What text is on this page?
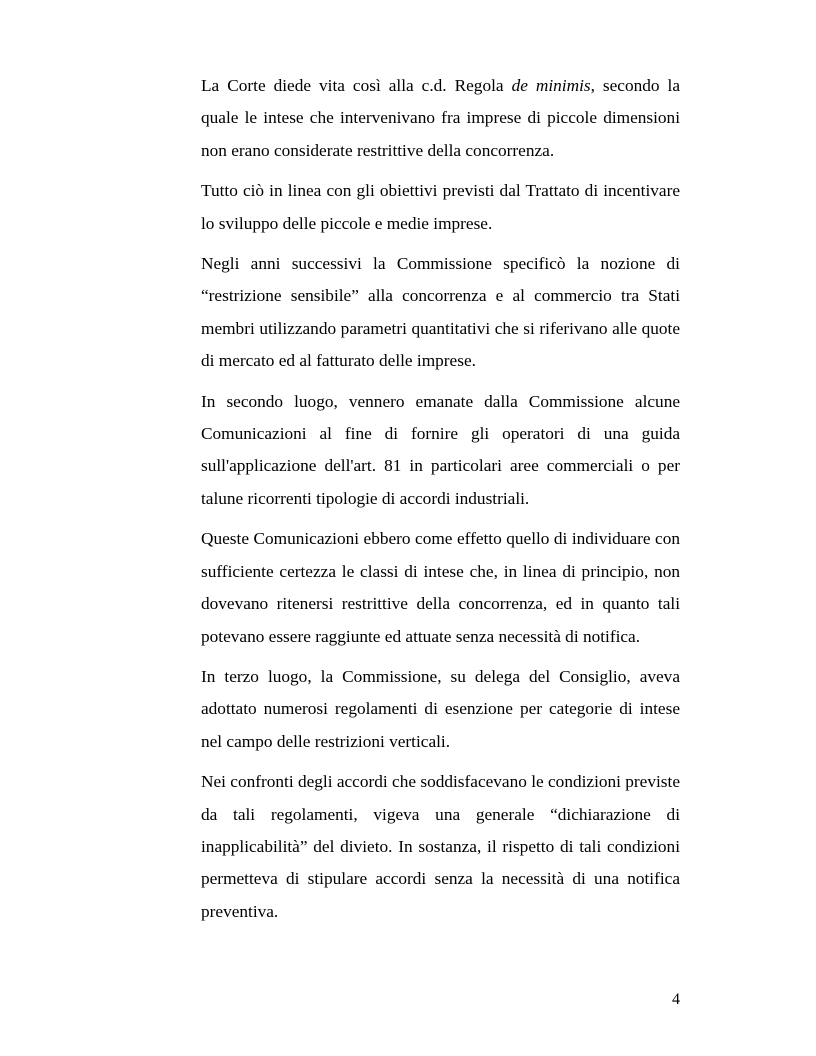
La Corte diede vita così alla c.d. Regola de minimis, secondo la quale le intese che intervenivano fra imprese di piccole dimensioni non erano considerate restrittive della concorrenza.

Tutto ciò in linea con gli obiettivi previsti dal Trattato di incentivare lo sviluppo delle piccole e medie imprese.

Negli anni successivi la Commissione specificò la nozione di “restrizione sensibile” alla concorrenza e al commercio tra Stati membri utilizzando parametri quantitativi che si riferivano alle quote di mercato ed al fatturato delle imprese.

In secondo luogo, vennero emanate dalla Commissione alcune Comunicazioni al fine di fornire gli operatori di una guida sull'applicazione dell'art. 81 in particolari aree commerciali o per talune ricorrenti tipologie di accordi industriali.

Queste Comunicazioni ebbero come effetto quello di individuare con sufficiente certezza le classi di intese che, in linea di principio, non dovevano ritenersi restrittive della concorrenza, ed in quanto tali potevano essere raggiunte ed attuate senza necessità di notifica.

In terzo luogo, la Commissione, su delega del Consiglio, aveva adottato numerosi regolamenti di esenzione per categorie di intese nel campo delle restrizioni verticali.

Nei confronti degli accordi che soddisfacevano le condizioni previste da tali regolamenti, vigeva una generale “dichiarazione di inapplicabilità” del divieto. In sostanza, il rispetto di tali condizioni permetteva di stipulare accordi senza la necessità di una notifica preventiva.

4
